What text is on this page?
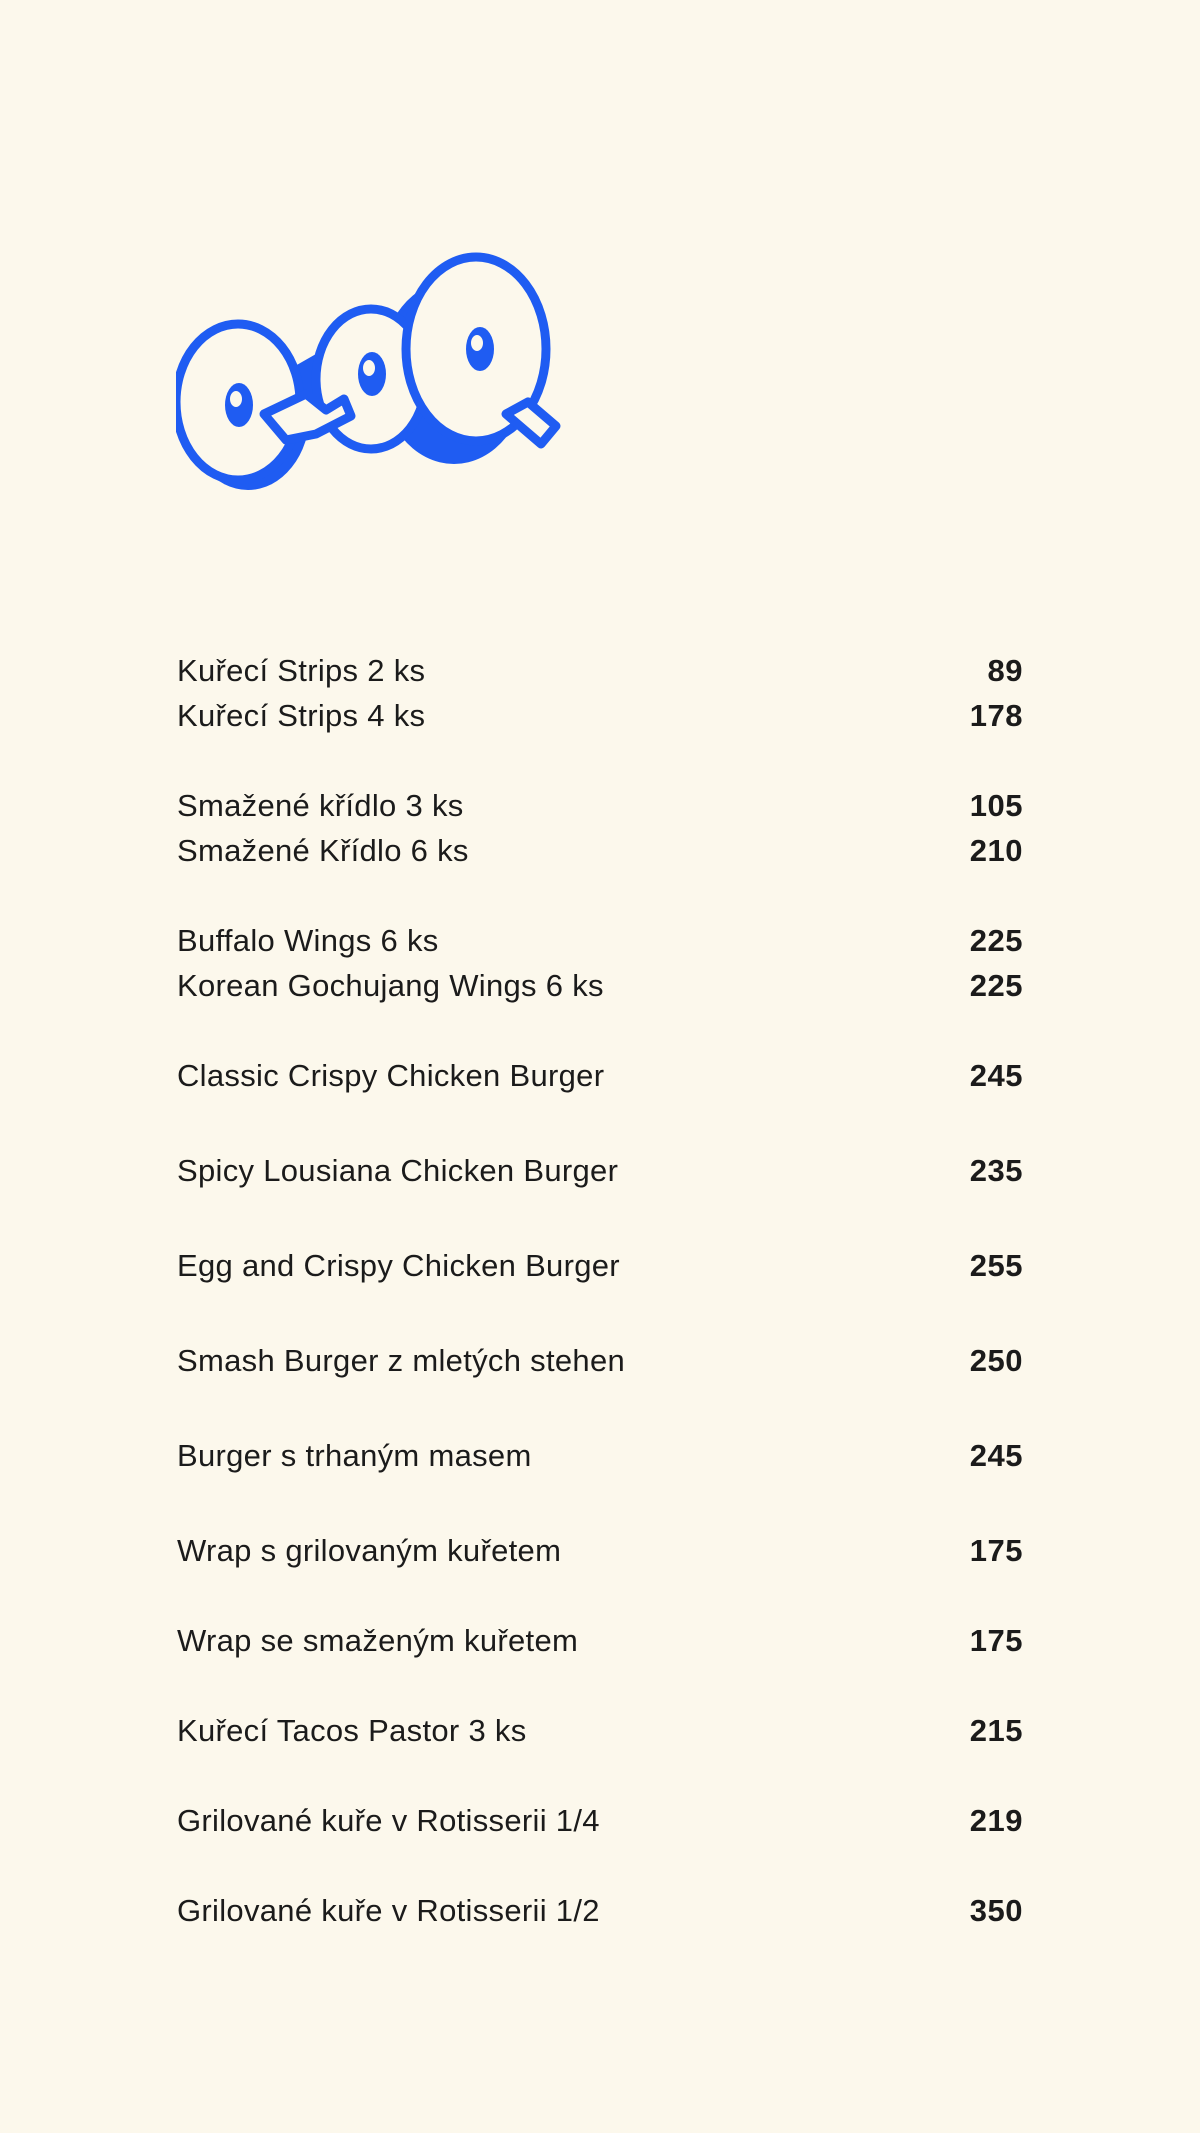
Kuřecí Strips 2 ks	89
Kuřecí Strips 4 ks	178
Smažené křídlo 3 ks	105
Smažené Křídlo 6 ks	210
Buffalo Wings 6 ks	225
Korean Gochujang Wings 6 ks	225
Classic Crispy Chicken Burger	245
Spicy Lousiana Chicken Burger	235
Egg and Crispy Chicken Burger	255
Smash Burger z mletých stehen	250
Burger s trhaným masem	245
Wrap s grilovaným kuřetem	175
Wrap se smaženým kuřetem	175
Kuřecí Tacos Pastor 3 ks	215
Grilované kuře v Rotisserii 1/4	219
Grilované kuře v Rotisserii 1/2	350
